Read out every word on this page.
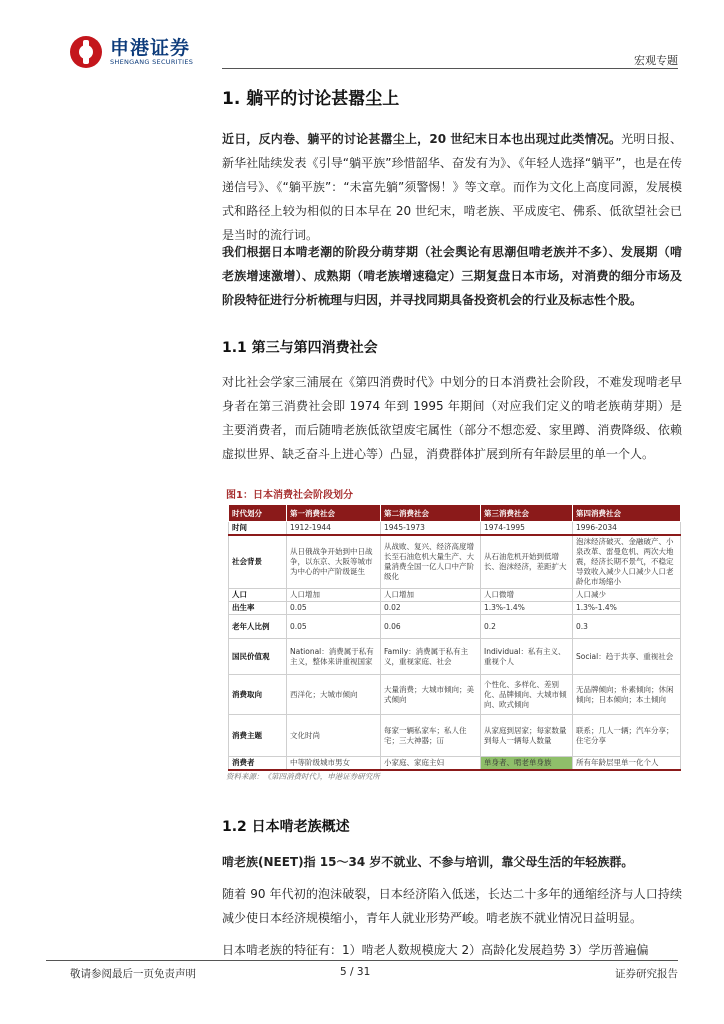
申港证券
SHENGANG SECURITIES	宏观专题
1. 躺平的讨论甚嚣尘上
近日，反内卷、躺平的讨论甚嚣尘上，20 世纪末日本也出现过此类情况。光明日报、新华社陆续发表《引导“躺平族”珍惜韶华、奋发有为》、《年轻人选择“躺平”，也是在传递信号》、《“躺平族”：“未富先躺”须警惕！》等文章。而作为文化上高度同源，发展模式和路径上较为相似的日本早在 20 世纪末，啃老族、平成废宅、佛系、低欲望社会已是当时的流行词。
我们根据日本啃老潮的阶段分萌芽期（社会舆论有思潮但啃老族并不多）、发展期（啃老族增速激增）、成熟期（啃老族增速稳定）三期复盘日本市场，对消费的细分市场及阶段特征进行分析梳理与归因，并寻找同期具备投资机会的行业及标志性个股。
1.1 第三与第四消费社会
对比社会学家三浦展在《第四消费时代》中划分的日本消费社会阶段，不难发现啃老早身者在第三消费社会即 1974 年到 1995 年期间（对应我们定义的啃老族萌芽期）是主要消费者，而后随啃老族低欲望废宅属性（部分不想恋爱、家里蹲、消费降级、依赖虚拟世界、缺乏奋斗上进心等）凸显，消费群体扩展到所有年龄层里的单一个人。
图1：日本消费社会阶段划分
时代划分	第一消费社会	第二消费社会	第三消费社会	第四消费社会
时间	1912-1944	1945-1973	1974-1995	1996-2034
社会背景	从日俄战争开始到中日战争，以东京、大阪等城市为中心的中产阶级诞生	从战败、复兴、经济高度增长至石油危机大量生产、大量消费全国一亿人口中产阶级化	从石油危机开始到低增长、泡沫经济，差距扩大	泡沫经济破灭、金融破产、小泉改革、雷曼危机、两次大地震，经济长期不景气，不稳定导致收入减少人口减少人口老龄化市场缩小
人口	人口增加	人口增加	人口微增	人口减少
出生率	0.05	0.02	1.3%-1.4%	1.3%-1.4%
老年人比例	0.05	0.06	0.2	0.3
国民价值观	National：消费属于私有主义，整体来讲重视国家	Family：消费属于私有主义，重视家庭、社会	Individual：私有主义、重视个人	Social：趋于共享、重视社会
消费取向	西洋化；大城市倾向	大量消费；大城市倾向；美式倾向	个性化、多样化、差别化、品牌倾向、大城市倾向、欧式倾向	无品牌倾向；朴素倾向；休闲倾向；日本倾向；本土倾向
消费主题	文化时尚	每家一辆私家车；私人住宅；三大神器；冚	从家庭到居家；每家数量到每人一辆每人数量	联系；几人一辆；汽车分享；住宅分享
消费者	中等阶级城市男女	小家庭、家庭主妇	单身者、啃老单身族	所有年龄层里单一化个人
资料来源：《第四消费时代》，申港证券研究所
1.2 日本啃老族概述
啃老族(NEET)指 15～34 岁不就业、不参与培训，靠父母生活的年轻族群。
随着 90 年代初的泡沫破裂，日本经济陷入低迷，长达二十多年的通缩经济与人口持续减少使日本经济规模缩小，青年人就业形势严峻。啃老族不就业情况日益明显。
日本啃老族的特征有：1）啃老人数规模庞大 2）高龄化发展趋势 3）学历普遍偏
敬请参阅最后一页免责声明	5 / 31	证券研究报告
